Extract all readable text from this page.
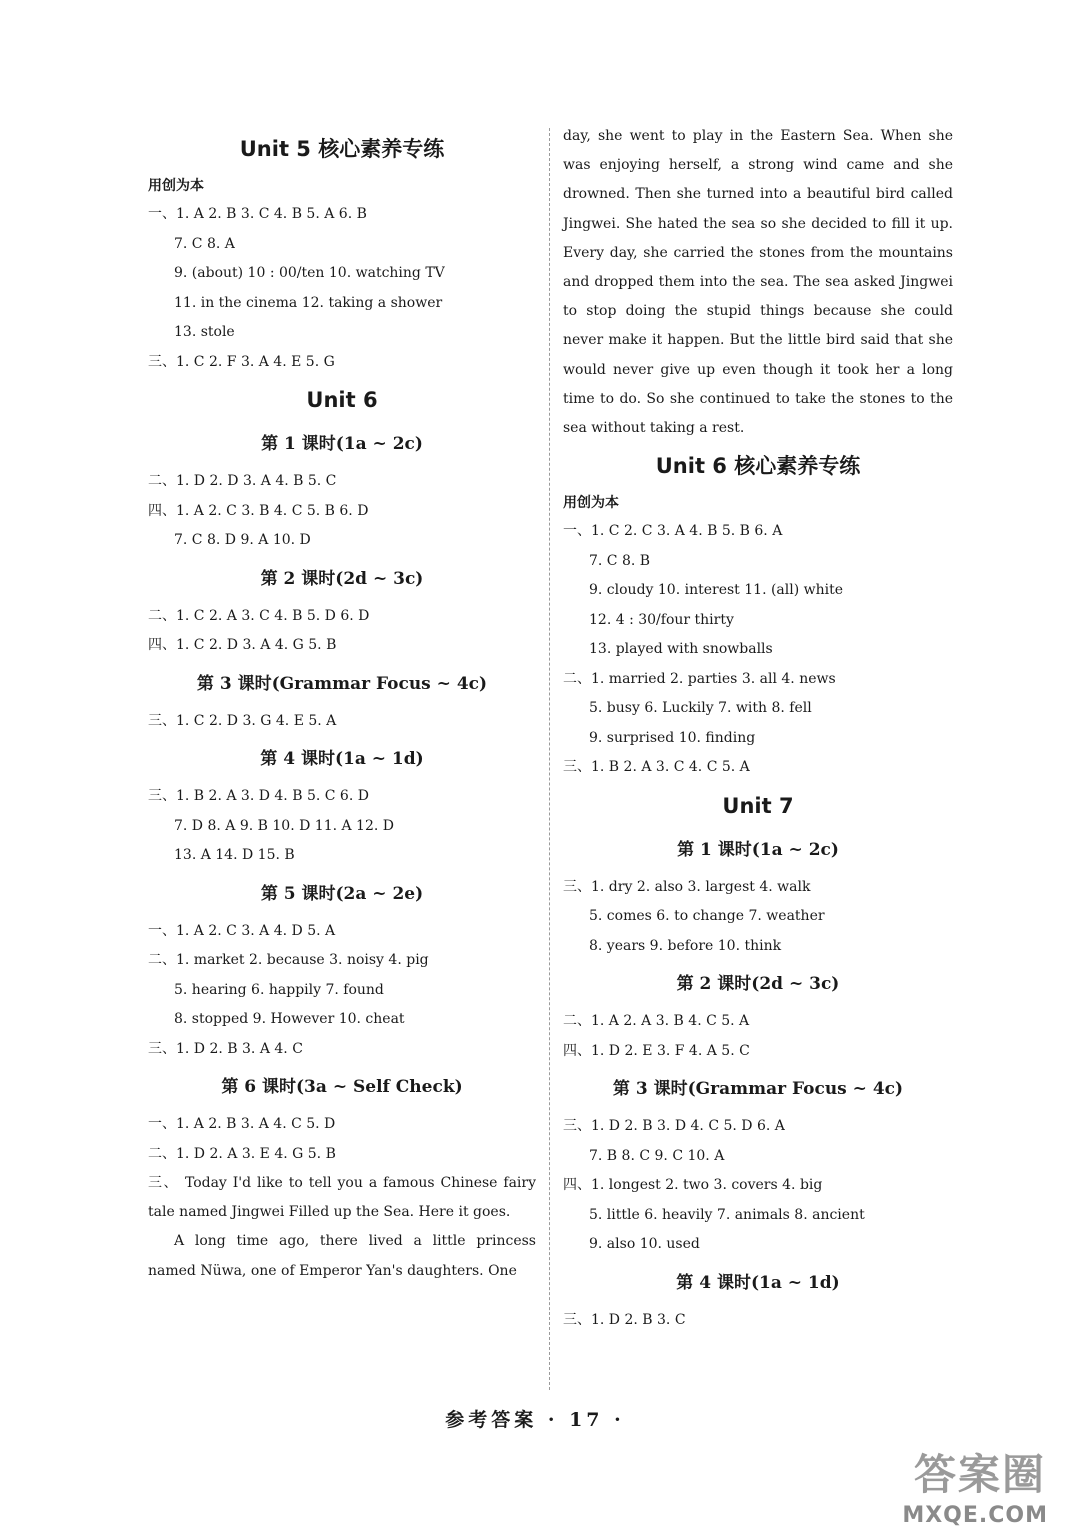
Unit 5 核心素养专练
用创为本
一、1. A 2. B 3. C 4. B 5. A 6. B
7. C 8. A
9. (about) 10 : 00/ten 10. watching TV
11. in the cinema 12. taking a shower
13. stole
三、1. C 2. F 3. A 4. E 5. G
Unit 6
第 1 课时(1a ~ 2c)
二、1. D 2. D 3. A 4. B 5. C
四、1. A 2. C 3. B 4. C 5. B 6. D
7. C 8. D 9. A 10. D
第 2 课时(2d ~ 3c)
二、1. C 2. A 3. C 4. B 5. D 6. D
四、1. C 2. D 3. A 4. G 5. B
第 3 课时(Grammar Focus ~ 4c)
三、1. C 2. D 3. G 4. E 5. A
第 4 课时(1a ~ 1d)
三、1. B 2. A 3. D 4. B 5. C 6. D
7. D 8. A 9. B 10. D 11. A 12. D
13. A 14. D 15. B
第 5 课时(2a ~ 2e)
一、1. A 2. C 3. A 4. D 5. A
二、1. market 2. because 3. noisy 4. pig
5. hearing 6. happily 7. found
8. stopped 9. However 10. cheat
三、1. D 2. B 3. A 4. C
第 6 课时(3a ~ Self Check)
一、1. A 2. B 3. A 4. C 5. D
二、1. D 2. A 3. E 4. G 5. B
三、 Today I'd like to tell you a famous Chinese fairy tale named Jingwei Filled up the Sea. Here it goes.
A long time ago, there lived a little princess named Nüwa, one of Emperor Yan's daughters. One
day, she went to play in the Eastern Sea. When she was enjoying herself, a strong wind came and she drowned. Then she turned into a beautiful bird called Jingwei. She hated the sea so she decided to fill it up. Every day, she carried the stones from the mountains and dropped them into the sea. The sea asked Jingwei to stop doing the stupid things because she could never make it happen. But the little bird said that she would never give up even though it took her a long time to do. So she continued to take the stones to the sea without taking a rest.
Unit 6 核心素养专练
用创为本
一、1. C 2. C 3. A 4. B 5. B 6. A
7. C 8. B
9. cloudy 10. interest 11. (all) white
12. 4 : 30/four thirty
13. played with snowballs
二、1. married 2. parties 3. all 4. news
5. busy 6. Luckily 7. with 8. fell
9. surprised 10. finding
三、1. B 2. A 3. C 4. C 5. A
Unit 7
第 1 课时(1a ~ 2c)
三、1. dry 2. also 3. largest 4. walk
5. comes 6. to change 7. weather
8. years 9. before 10. think
第 2 课时(2d ~ 3c)
二、1. A 2. A 3. B 4. C 5. A
四、1. D 2. E 3. F 4. A 5. C
第 3 课时(Grammar Focus ~ 4c)
三、1. D 2. B 3. D 4. C 5. D 6. A
7. B 8. C 9. C 10. A
四、1. longest 2. two 3. covers 4. big
5. little 6. heavily 7. animals 8. ancient
9. also 10. used
第 4 课时(1a ~ 1d)
三、1. D 2. B 3. C
参考答案 · 17 ·
答案圈
MXQE.COM
